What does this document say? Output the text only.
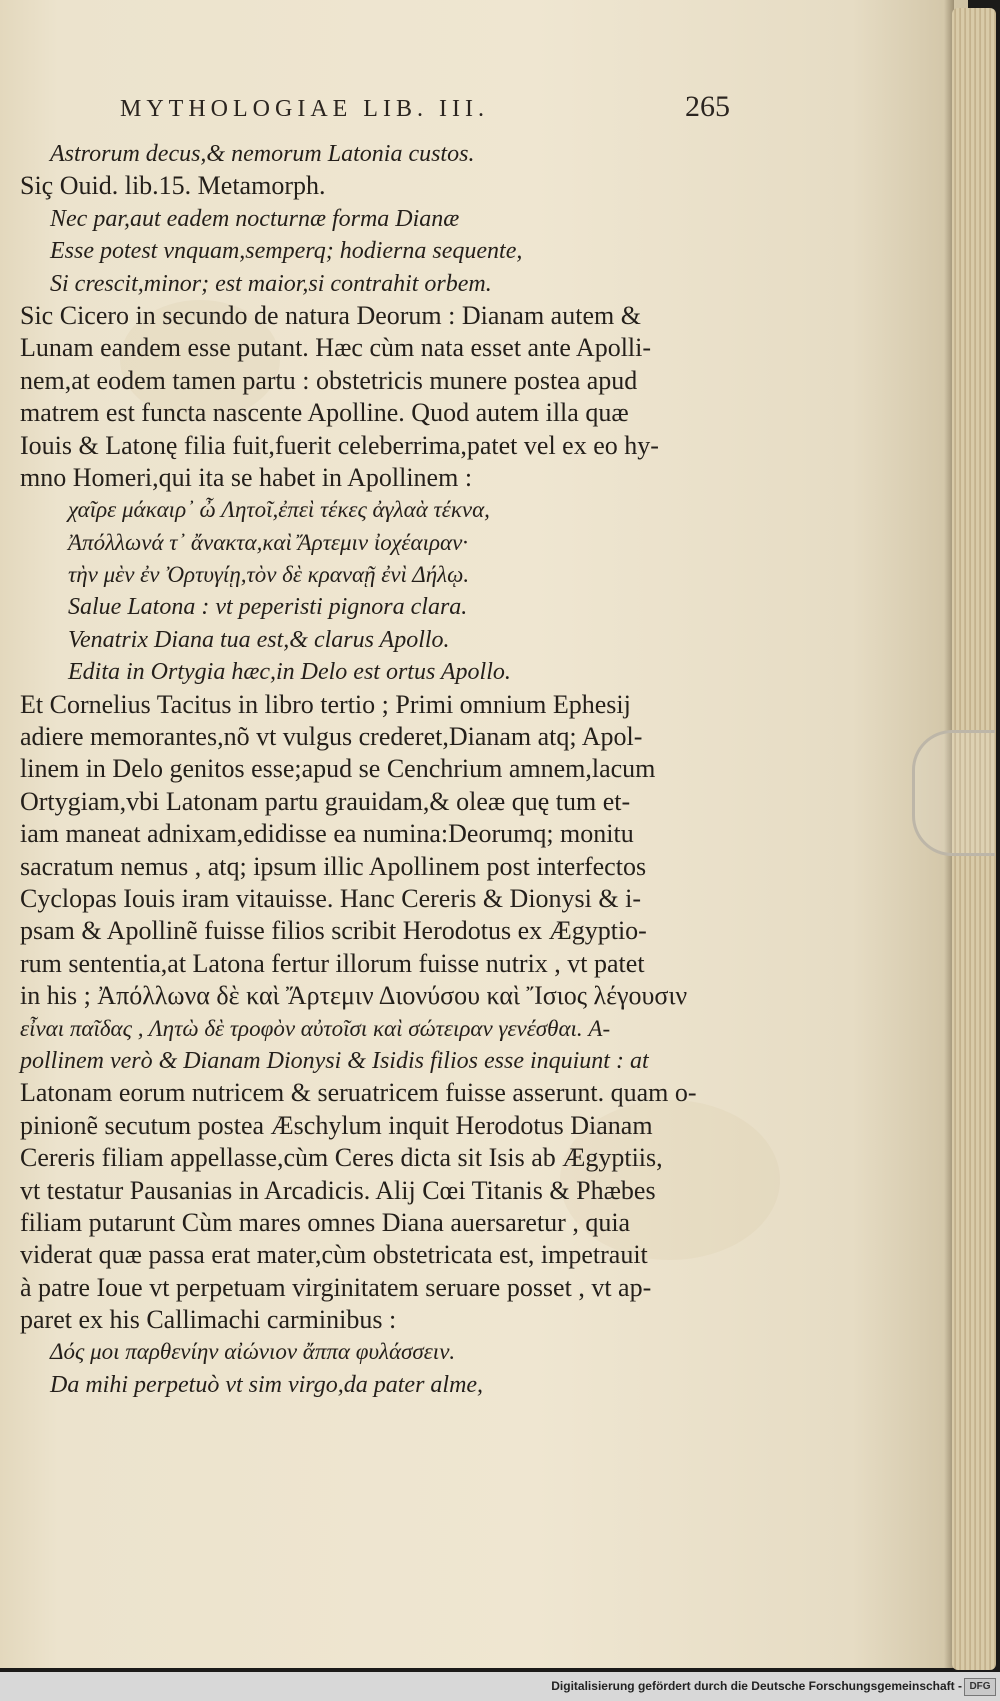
MYTHOLOGIAE LIB. III.	265
Astrorum decus,& nemorum Latonia custos.
Siç Ouid. lib.15. Metamorph.
Nec par,aut eadem nocturnæ forma Dianæ
Esse potest vnquam,semperq; hodierna sequente,
Si crescit,minor; est maior,si contrahit orbem.
Sic Cicero in secundo de natura Deorum : Dianam autem &
Lunam eandem esse putant. Hæc cùm nata esset ante Apolli-
nem,at eodem tamen partu : obstetricis munere postea apud
matrem est functa nascente Apolline. Quod autem illa quæ
Iouis & Latonę filia fuit,fuerit celeberrima,patet vel ex eo hy-
mno Homeri,qui ita se habet in Apollinem :
χαῖρε μάκαιρ᾽ ὦ Λητοῖ,ἐπεὶ τέκες ἀγλαὰ τέκνα,
Ἀπόλλωνά τ᾽ ἄνακτα,καὶ Ἄρτεμιν ἰοχέαιραν·
τὴν μὲν ἐν Ὀρτυγίῃ,τὸν δὲ κραναῇ ἐνὶ Δήλῳ.
Salue Latona : vt peperisti pignora clara.
Venatrix Diana tua est,& clarus Apollo.
Edita in Ortygia hæc,in Delo est ortus Apollo.
Et Cornelius Tacitus in libro tertio ; Primi omnium Ephesij
adiere memorantes,nõ vt vulgus crederet,Dianam atq; Apol-
linem in Delo genitos esse;apud se Cenchrium amnem,lacum
Ortygiam,vbi Latonam partu grauidam,& oleæ quę tum et-
iam maneat adnixam,edidisse ea numina:Deorumq; monitu
sacratum nemus , atq; ipsum illic Apollinem post interfectos
Cyclopas Iouis iram vitauisse. Hanc Cereris & Dionysi & i-
psam & Apollinẽ fuisse filios scribit Herodotus ex Ægyptio-
rum sententia,at Latona fertur illorum fuisse nutrix , vt patet
in his ; Ἀπόλλωνα δὲ καὶ Ἄρτεμιν Διονύσου καὶ Ἴσιος λέγουσιν
εἶναι παῖδας , Λητὼ δὲ τροφὸν αὐτοῖσι καὶ σώτειραν γενέσθαι. A-
pollinem verò & Dianam Dionysi & Isidis filios esse inquiunt : at
Latonam eorum nutricem & seruatricem fuisse asserunt. quam o-
pinionẽ secutum postea Æschylum inquit Herodotus Dianam
Cereris filiam appellasse,cùm Ceres dicta sit Isis ab Ægyptiis,
vt testatur Pausanias in Arcadicis. Alij Cœi Titanis & Phæbes
filiam putarunt Cùm mares omnes Diana auersaretur , quia
viderat quæ passa erat mater,cùm obstetricata est, impetrauit
à patre Ioue vt perpetuam virginitatem seruare posset , vt ap-
paret ex his Callimachi carminibus :
Δός μοι παρθενίην αἰώνιον ἄππα φυλάσσειν.
Da mihi perpetuò vt sim virgo,da pater alme,
Digitalisierung gefördert durch die Deutsche Forschungsgemeinschaft - DFG
